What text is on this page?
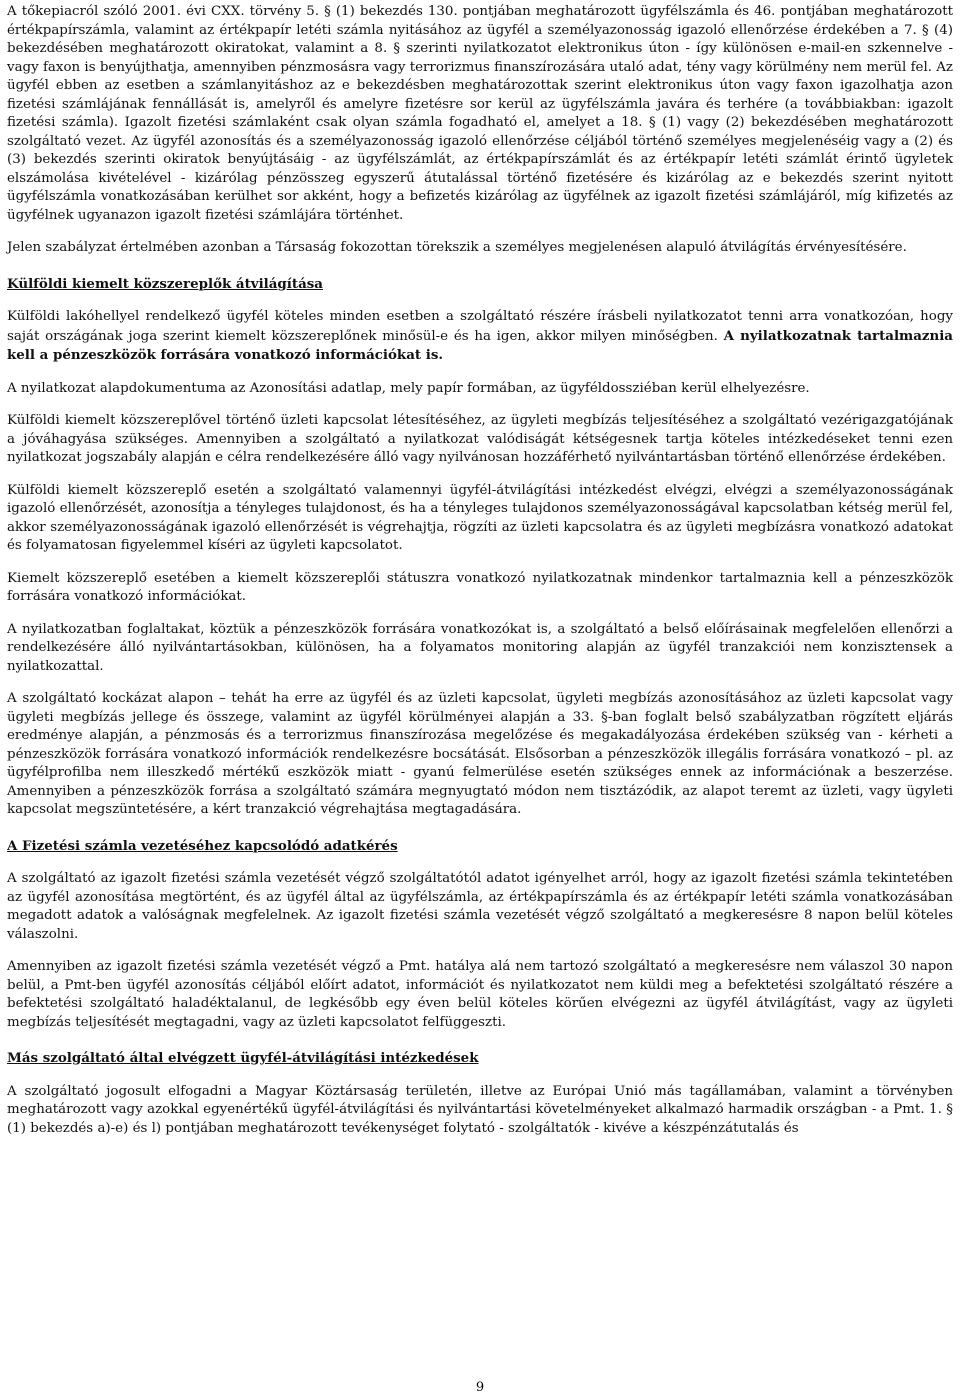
A tőkepiacról szóló 2001. évi CXX. törvény 5. § (1) bekezdés 130. pontjában meghatározott ügyfélszámla és 46. pontjában meghatározott értékpapírszámla, valamint az értékpapír letéti számla nyitásához az ügyfél a személyazonosság igazoló ellenőrzése érdekében a 7. § (4) bekezdésében meghatározott okiratokat, valamint a 8. § szerinti nyilatkozatot elektronikus úton - így különösen e-mail-en szkennelve - vagy faxon is benyújthatja, amennyiben pénzmosásra vagy terrorizmus finanszírozására utaló adat, tény vagy körülmény nem merül fel. Az ügyfél ebben az esetben a számlanyitáshoz az e bekezdésben meghatározottak szerint elektronikus úton vagy faxon igazolhatja azon fizetési számlájának fennállását is, amelyről és amelyre fizetésre sor kerül az ügyfélszámla javára és terhére (a továbbiakban: igazolt fizetési számla). Igazolt fizetési számlaként csak olyan számla fogadható el, amelyet a 18. § (1) vagy (2) bekezdésében meghatározott szolgáltató vezet. Az ügyfél azonosítás és a személyazonosság igazoló ellenőrzése céljából történő személyes megjelenéséig vagy a (2) és (3) bekezdés szerinti okiratok benyújtásáig - az ügyfélszámlát, az értékpapírszámlát és az értékpapír letéti számlát érintő ügyletek elszámolása kivételével - kizárólag pénzösszeg egyszerű átutalással történő fizetésére és kizárólag az e bekezdés szerint nyitott ügyfélszámla vonatkozásában kerülhet sor akként, hogy a befizetés kizárólag az ügyfélnek az igazolt fizetési számlájáról, míg kifizetés az ügyfélnek ugyanazon igazolt fizetési számlájára történhet.

Jelen szabályzat értelmében azonban a Társaság fokozottan törekszik a személyes megjelenésen alapuló átvilágítás érvényesítésére.

Külföldi kiemelt közszereplők átvilágítása

Külföldi lakóhellyel rendelkező ügyfél köteles minden esetben a szolgáltató részére írásbeli nyilatkozatot tenni arra vonatkozóan, hogy saját országának joga szerint kiemelt közszereplőnek minősül-e és ha igen, akkor milyen minőségben. A nyilatkozatnak tartalmaznia kell a pénzeszközök forrására vonatkozó információkat is.

A nyilatkozat alapdokumentuma az Azonosítási adatlap, mely papír formában, az ügyféldossziéban kerül elhelyezésre.

Külföldi kiemelt közszereplővel történő üzleti kapcsolat létesítéséhez, az ügyleti megbízás teljesítéséhez a szolgáltató vezérigazgatójának a jóváhagyása szükséges. Amennyiben a szolgáltató a nyilatkozat valódiságát kétségesnek tartja köteles intézkedéseket tenni ezen nyilatkozat jogszabály alapján e célra rendelkezésére álló vagy nyilvánosan hozzáférhető nyilvántartásban történő ellenőrzése érdekében.

Külföldi kiemelt közszereplő esetén a szolgáltató valamennyi ügyfél-átvilágítási intézkedést elvégzi, elvégzi a személyazonosságának igazoló ellenőrzését, azonosítja a tényleges tulajdonost, és ha a tényleges tulajdonos személyazonosságával kapcsolatban kétség merül fel, akkor személyazonosságának igazoló ellenőrzését is végrehajtja, rögzíti az üzleti kapcsolatra és az ügyleti megbízásra vonatkozó adatokat és folyamatosan figyelemmel kíséri az ügyleti kapcsolatot.

Kiemelt közszereplő esetében a kiemelt közszereplői státuszra vonatkozó nyilatkozatnak mindenkor tartalmaznia kell a pénzeszközök forrására vonatkozó információkat.

A nyilatkozatban foglaltakat, köztük a pénzeszközök forrására vonatkozókat is, a szolgáltató a belső előírásainak megfelelően ellenőrzi a rendelkezésére álló nyilvántartásokban, különösen, ha a folyamatos monitoring alapján az ügyfél tranzakciói nem konzisztensek a nyilatkozattal.

A szolgáltató kockázat alapon – tehát ha erre az ügyfél és az üzleti kapcsolat, ügyleti megbízás azonosításához az üzleti kapcsolat vagy ügyleti megbízás jellege és összege, valamint az ügyfél körülményei alapján a 33. §-ban foglalt belső szabályzatban rögzített eljárás eredménye alapján, a pénzmosás és a terrorizmus finanszírozása megelőzése és megakadályozása érdekében szükség van - kérheti a pénzeszközök forrására vonatkozó információk rendelkezésre bocsátását. Elsősorban a pénzeszközök illegális forrására vonatkozó – pl. az ügyfélprofilba nem illeszkedő mértékű eszközök miatt - gyanú felmerülése esetén szükséges ennek az információnak a beszerzése. Amennyiben a pénzeszközök forrása a szolgáltató számára megnyugtató módon nem tisztázódik, az alapot teremt az üzleti, vagy ügyleti kapcsolat megszüntetésére, a kért tranzakció végrehajtása megtagadására.

A Fizetési számla vezetéséhez kapcsolódó adatkérés

A szolgáltató az igazolt fizetési számla vezetését végző szolgáltatótól adatot igényelhet arról, hogy az igazolt fizetési számla tekintetében az ügyfél azonosítása megtörtént, és az ügyfél által az ügyfélszámla, az értékpapírszámla és az értékpapír letéti számla vonatkozásában megadott adatok a valóságnak megfelelnek. Az igazolt fizetési számla vezetését végző szolgáltató a megkeresésre 8 napon belül köteles válaszolni.

Amennyiben az igazolt fizetési számla vezetését végző a Pmt. hatálya alá nem tartozó szolgáltató a megkeresésre nem válaszol 30 napon belül, a Pmt-ben ügyfél azonosítás céljából előírt adatot, információt és nyilatkozatot nem küldi meg a befektetési szolgáltató részére a befektetési szolgáltató haladéktalanul, de legkésőbb egy éven belül köteles körűen elvégezni az ügyfél átvilágítást, vagy az ügyleti megbízás teljesítését megtagadni, vagy az üzleti kapcsolatot felfüggeszti.

Más szolgáltató által elvégzett ügyfél-átvilágítási intézkedések

A szolgáltató jogosult elfogadni a Magyar Köztársaság területén, illetve az Európai Unió más tagállamában, valamint a törvényben meghatározott vagy azokkal egyenértékű ügyfél-átvilágítási és nyilvántartási követelményeket alkalmazó harmadik országban - a Pmt. 1. § (1) bekezdés a)-e) és l) pontjában meghatározott tevékenységet folytató - szolgáltatók - kivéve a készpénzátutalás és

9
